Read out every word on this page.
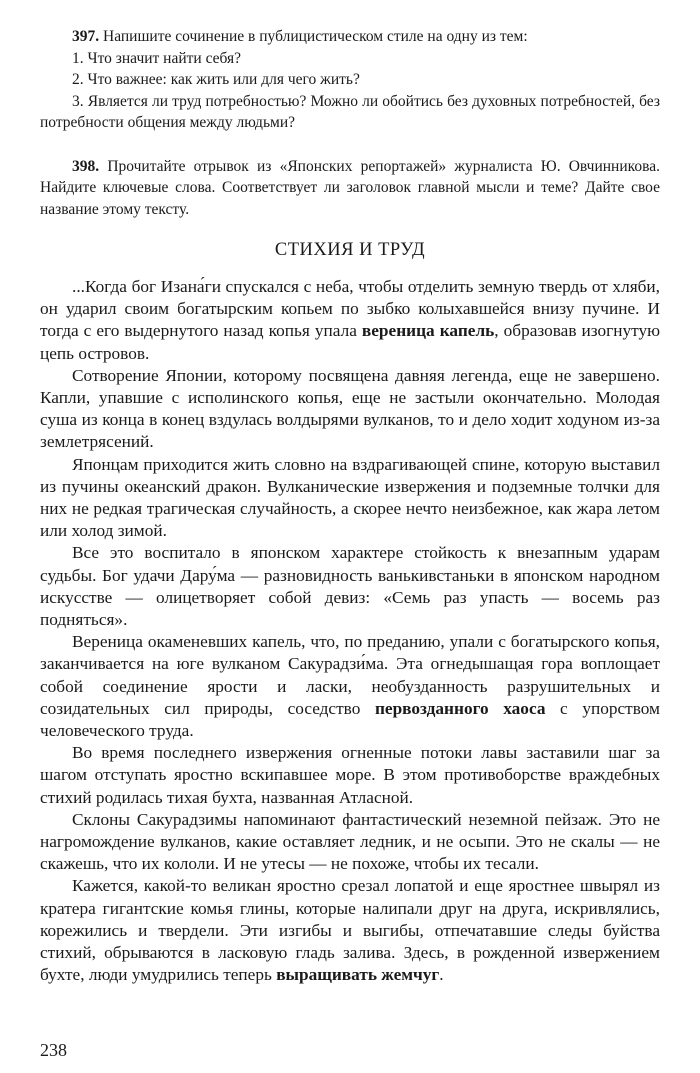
397. Напишите сочинение в публицистическом стиле на одну из тем:
1. Что значит найти себя?
2. Что важнее: как жить или для чего жить?
3. Является ли труд потребностью? Можно ли обойтись без духовных потребностей, без потребности общения между людьми?
398. Прочитайте отрывок из «Японских репортажей» журналиста Ю. Овчинникова. Найдите ключевые слова. Соответствует ли заголовок главной мысли и теме? Дайте свое название этому тексту.
СТИХИЯ И ТРУД

...Когда бог Изана́ги спускался с неба, чтобы отделить земную твердь от хляби, он ударил своим богатырским копьем по зыбко колыхавшейся внизу пучине. И тогда с его выдернутого назад копья упала вереница капель, образовав изогнутую цепь островов.

Сотворение Японии, которому посвящена давняя легенда, еще не завершено. Капли, упавшие с исполинского копья, еще не застыли окончательно. Молодая суша из конца в конец вздулась волдырями вулканов, то и дело ходит ходуном из-за землетрясений.

Японцам приходится жить словно на вздрагивающей спине, которую выставил из пучины океанский дракон. Вулканические извержения и подземные толчки для них не редкая трагическая случайность, а скорее нечто неизбежное, как жара летом или холод зимой.

Все это воспитало в японском характере стойкость к внезапным ударам судьбы. Бог удачи Дару́ма — разновидность ванькивстаньки в японском народном искусстве — олицетворяет собой девиз: «Семь раз упасть — восемь раз подняться».

Вереница окаменевших капель, что, по преданию, упали с богатырского копья, заканчивается на юге вулканом Сакурадзи́ма. Эта огнедышащая гора воплощает собой соединение ярости и ласки, необузданность разрушительных и созидательных сил природы, соседство первозданного хаоса с упорством человеческого труда.

Во время последнего извержения огненные потоки лавы заставили шаг за шагом отступать яростно вскипавшее море. В этом противоборстве враждебных стихий родилась тихая бухта, названная Атласной.

Склоны Сакурадзимы напоминают фантастический неземной пейзаж. Это не нагромождение вулканов, какие оставляет ледник, и не осыпи. Это не скалы — не скажешь, что их кололи. И не утесы — не похоже, чтобы их тесали.

Кажется, какой-то великан яростно срезал лопатой и еще яростнее швырял из кратера гигантские комья глины, которые налипали друг на друга, искривлялись, корежились и твердели. Эти изгибы и выгибы, отпечатавшие следы буйства стихий, обрываются в ласковую гладь залива. Здесь, в рожденной извержением бухте, люди умудрились теперь выращивать жемчуг.

238
